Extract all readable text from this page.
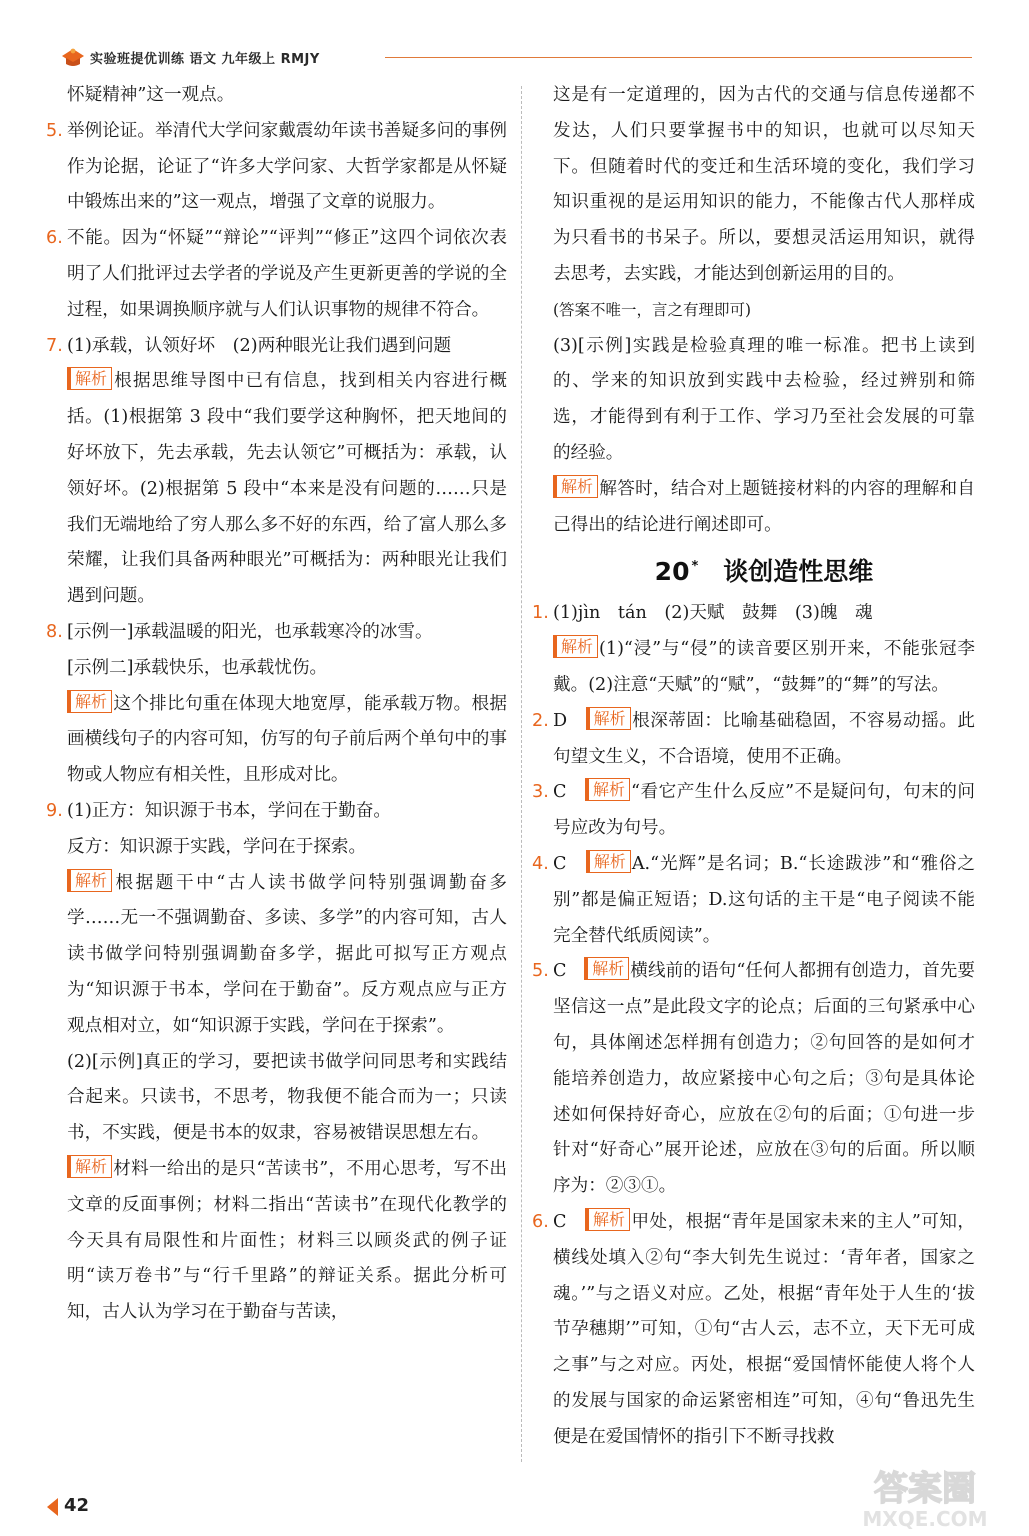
实验班提优训练 语文 九年级上 RMJY
怀疑精神”这一观点。
5. 举例论证。举清代大学问家戴震幼年读书善疑多问的事例作为论据，论证了“许多大学问家、大哲学家都是从怀疑中锻炼出来的”这一观点，增强了文章的说服力。
6. 不能。因为“怀疑”“辩论”“评判”“修正”这四个词依次表明了人们批评过去学者的学说及产生更新更善的学说的全过程，如果调换顺序就与人们认识事物的规律不符合。
7. (1)承载，认领好坏　(2)两种眼光让我们遇到问题
解析 根据思维导图中已有信息，找到相关内容进行概括。(1)根据第 3 段中“我们要学这种胸怀，把天地间的好坏放下，先去承载，先去认领它”可概括为：承载，认领好坏。(2)根据第 5 段中“本来是没有问题的……只是我们无端地给了穷人那么多不好的东西，给了富人那么多荣耀，让我们具备两种眼光”可概括为：两种眼光让我们遇到问题。
8. [示例一]承载温暖的阳光，也承载寒冷的冰雪。
[示例二]承载快乐，也承载忧伤。
解析 这个排比句重在体现大地宽厚，能承载万物。根据画横线句子的内容可知，仿写的句子前后两个单句中的事物或人物应有相关性，且形成对比。
9. (1)正方：知识源于书本，学问在于勤奋。
反方：知识源于实践，学问在于探索。
解析 根据题干中“古人读书做学问特别强调勤奋多学……无一不强调勤奋、多读、多学”的内容可知，古人读书做学问特别强调勤奋多学，据此可拟写正方观点为“知识源于书本，学问在于勤奋”。反方观点应与正方观点相对立，如“知识源于实践，学问在于探索”。
(2)[示例]真正的学习，要把读书做学问同思考和实践结合起来。只读书，不思考，物我便不能合而为一；只读书，不实践，便是书本的奴隶，容易被错误思想左右。
解析 材料一给出的是只“苦读书”，不用心思考，写不出文章的反面事例；材料二指出“苦读书”在现代化教学的今天具有局限性和片面性；材料三以顾炎武的例子证明“读万卷书”与“行千里路”的辩证关系。据此分析可知，古人认为学习在于勤奋与苦读，
这是有一定道理的，因为古代的交通与信息传递都不发达，人们只要掌握书中的知识，也就可以尽知天下。但随着时代的变迁和生活环境的变化，我们学习知识重视的是运用知识的能力，不能像古代人那样成为只看书的书呆子。所以，要想灵活运用知识，就得去思考，去实践，才能达到创新运用的目的。
(答案不唯一，言之有理即可)
(3)[示例]实践是检验真理的唯一标准。把书上读到的、学来的知识放到实践中去检验，经过辨别和筛选，才能得到有利于工作、学习乃至社会发展的可靠的经验。
解析 解答时，结合对上题链接材料的内容的理解和自己得出的结论进行阐述即可。
20 *　 谈创造性思维
1. (1)jìn　tán　(2)天赋　鼓舞　(3)魄　魂
解析 (1)“浸”与“侵”的读音要区别开来，不能张冠李戴。(2)注意“天赋”的“赋”，“鼓舞”的“舞”的写法。
2. D　解析 根深蒂固：比喻基础稳固，不容易动摇。此句望文生义，不合语境，使用不正确。
3. C　解析 “看它产生什么反应”不是疑问句，句末的问号应改为句号。
4. C　解析 A.“光辉”是名词；B.“长途跋涉”和“雅俗之别”都是偏正短语；D.这句话的主干是“电子阅读不能完全替代纸质阅读”。
5. C　解析 横线前的语句“任何人都拥有创造力，首先要坚信这一点”是此段文字的论点；后面的三句紧承中心句，具体阐述怎样拥有创造力；②句回答的是如何才能培养创造力，故应紧接中心句之后；③句是具体论述如何保持好奇心，应放在②句的后面；①句进一步针对“好奇心”展开论述，应放在③句的后面。所以顺序为：②③①。
6. C　解析 甲处，根据“青年是国家未来的主人”可知，横线处填入②句“李大钊先生说过：‘青年者，国家之魂。’”与之语义对应。乙处，根据“青年处于人生的‘拔节孕穗期’”可知，①句“古人云，志不立，天下无可成之事”与之对应。丙处，根据“爱国情怀能使人将个人的发展与国家的命运紧密相连”可知，④句“鲁迅先生便是在爱国情怀的指引下不断寻找救
42	答案圈
MXQE.COM
